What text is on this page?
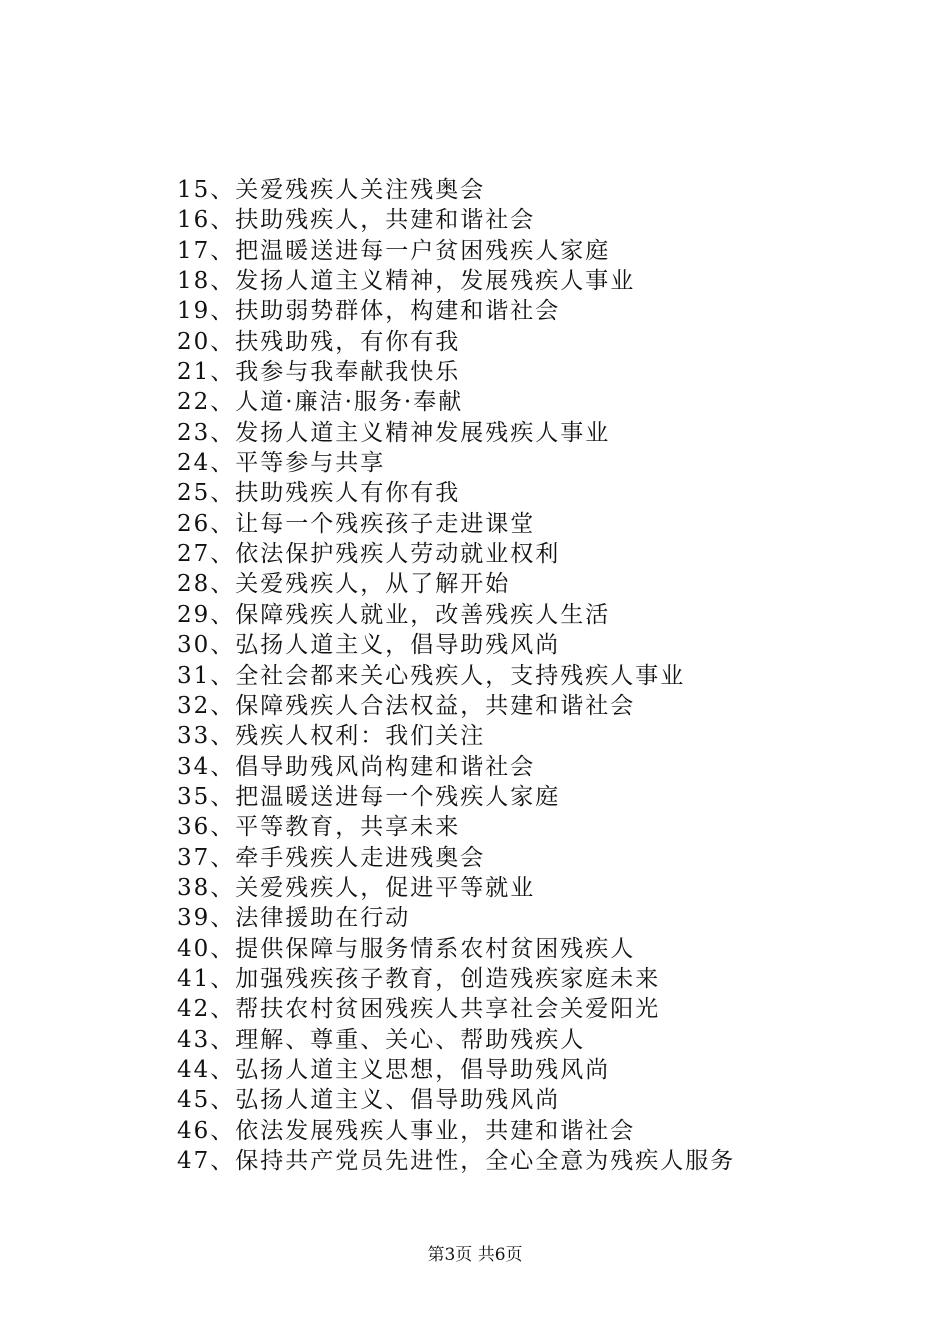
15、关爱残疾人关注残奥会
16、扶助残疾人，共建和谐社会
17、把温暖送进每一户贫困残疾人家庭
18、发扬人道主义精神，发展残疾人事业
19、扶助弱势群体，构建和谐社会
20、扶残助残，有你有我
21、我参与我奉献我快乐
22、人道·廉洁·服务·奉献
23、发扬人道主义精神发展残疾人事业
24、平等参与共享
25、扶助残疾人有你有我
26、让每一个残疾孩子走进课堂
27、依法保护残疾人劳动就业权利
28、关爱残疾人，从了解开始
29、保障残疾人就业，改善残疾人生活
30、弘扬人道主义，倡导助残风尚
31、全社会都来关心残疾人，支持残疾人事业
32、保障残疾人合法权益，共建和谐社会
33、残疾人权利：我们关注
34、倡导助残风尚构建和谐社会
35、把温暖送进每一个残疾人家庭
36、平等教育，共享未来
37、牵手残疾人走进残奥会
38、关爱残疾人，促进平等就业
39、法律援助在行动
40、提供保障与服务情系农村贫困残疾人
41、加强残疾孩子教育，创造残疾家庭未来
42、帮扶农村贫困残疾人共享社会关爱阳光
43、理解、尊重、关心、帮助残疾人
44、弘扬人道主义思想，倡导助残风尚
45、弘扬人道主义、倡导助残风尚
46、依法发展残疾人事业，共建和谐社会
47、保持共产党员先进性，全心全意为残疾人服务
第3页 共6页
